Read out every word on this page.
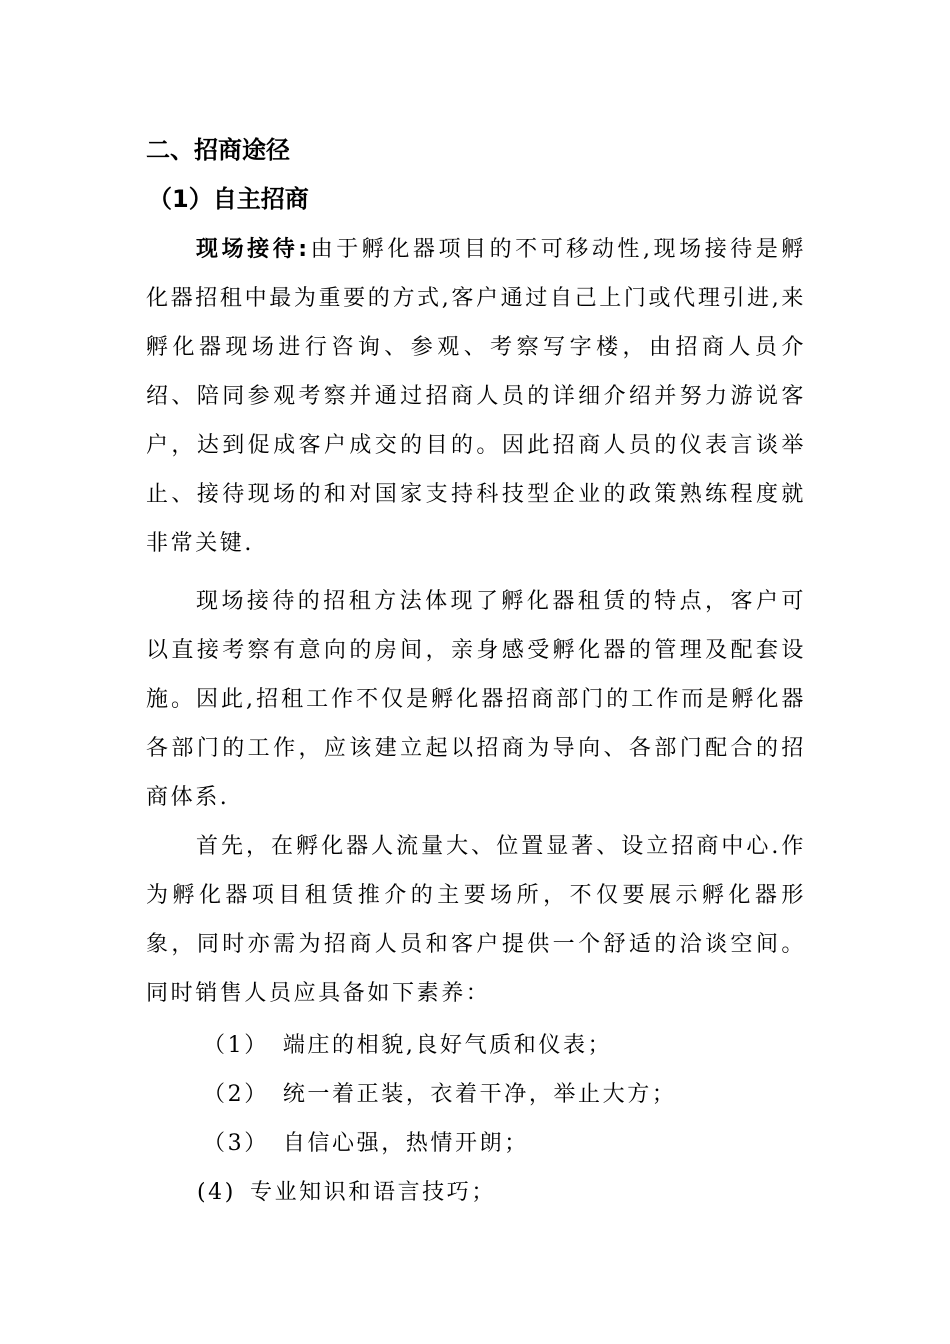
二、招商途径
（1）自主招商

现场接待:由于孵化器项目的不可移动性,现场接待是孵化器招租中最为重要的方式,客户通过自己上门或代理引进,来孵化器现场进行咨询、参观、考察写字楼，由招商人员介绍、陪同参观考察并通过招商人员的详细介绍并努力游说客户，达到促成客户成交的目的。因此招商人员的仪表言谈举止、接待现场的和对国家支持科技型企业的政策熟练程度就非常关键.

现场接待的招租方法体现了孵化器租赁的特点，客户可以直接考察有意向的房间，亲身感受孵化器的管理及配套设施。因此,招租工作不仅是孵化器招商部门的工作而是孵化器各部门的工作，应该建立起以招商为导向、各部门配合的招商体系.

首先，在孵化器人流量大、位置显著、设立招商中心.作为孵化器项目租赁推介的主要场所，不仅要展示孵化器形象，同时亦需为招商人员和客户提供一个舒适的洽谈空间。同时销售人员应具备如下素养：

（1） 端庄的相貌,良好气质和仪表；
（2） 统一着正装，衣着干净，举止大方；
（3） 自信心强，热情开朗；
(4) 专业知识和语言技巧；
